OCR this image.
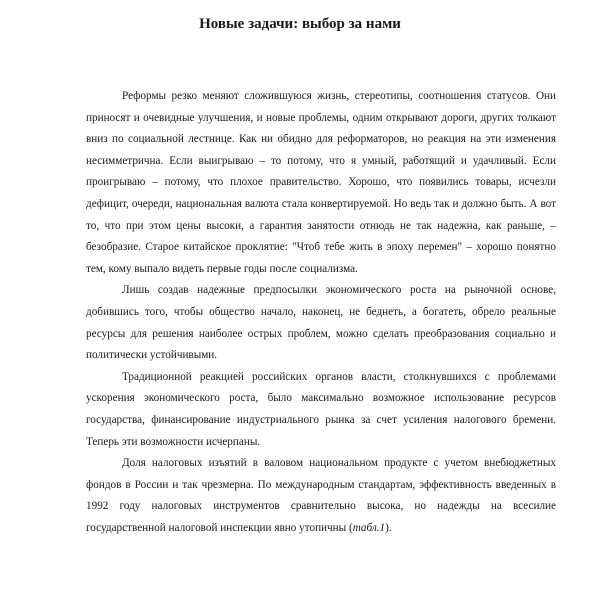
Новые задачи: выбор за нами

Реформы резко меняют сложившуюся жизнь, стереотипы, соотношения статусов. Они приносят и очевидные улучшения, и новые проблемы, одним открывают дороги, других толкают вниз по социальной лестнице. Как ни обидно для реформаторов, но реакция на эти изменения несимметрична. Если выигрываю – то потому, что я умный, работящий и удачливый. Если проигрываю – потому, что плохое правительство. Хорошо, что появились товары, исчезли дефицит, очереди, национальная валюта стала конвертируемой. Но ведь так и должно быть. А вот то, что при этом цены высоки, а гарантия занятости отнюдь не так надежна, как раньше, – безобразие. Старое китайское проклятие: "Чтоб тебе жить в эпоху перемен" – хорошо понятно тем, кому выпало видеть первые годы после социализма.

Лишь создав надежные предпосылки экономического роста на рыночной основе, добившись того, чтобы общество начало, наконец, не беднеть, а богатеть, обрело реальные ресурсы для решения наиболее острых проблем, можно сделать преобразования социально и политически устойчивыми.

Традиционной реакцией российских органов власти, столкнувшихся с проблемами ускорения экономического роста, было максимально возможное использование ресурсов государства, финансирование индустриального рынка за счет усиления налогового бремени. Теперь эти возможности исчерпаны.

Доля налоговых изъятий в валовом национальном продукте с учетом внебюджетных фондов в России и так чрезмерна. По международным стандартам, эффективность введенных в 1992 году налоговых инструментов сравнительно высока, но надежды на всесилие государственной налоговой инспекции явно утопичны (табл.1).
